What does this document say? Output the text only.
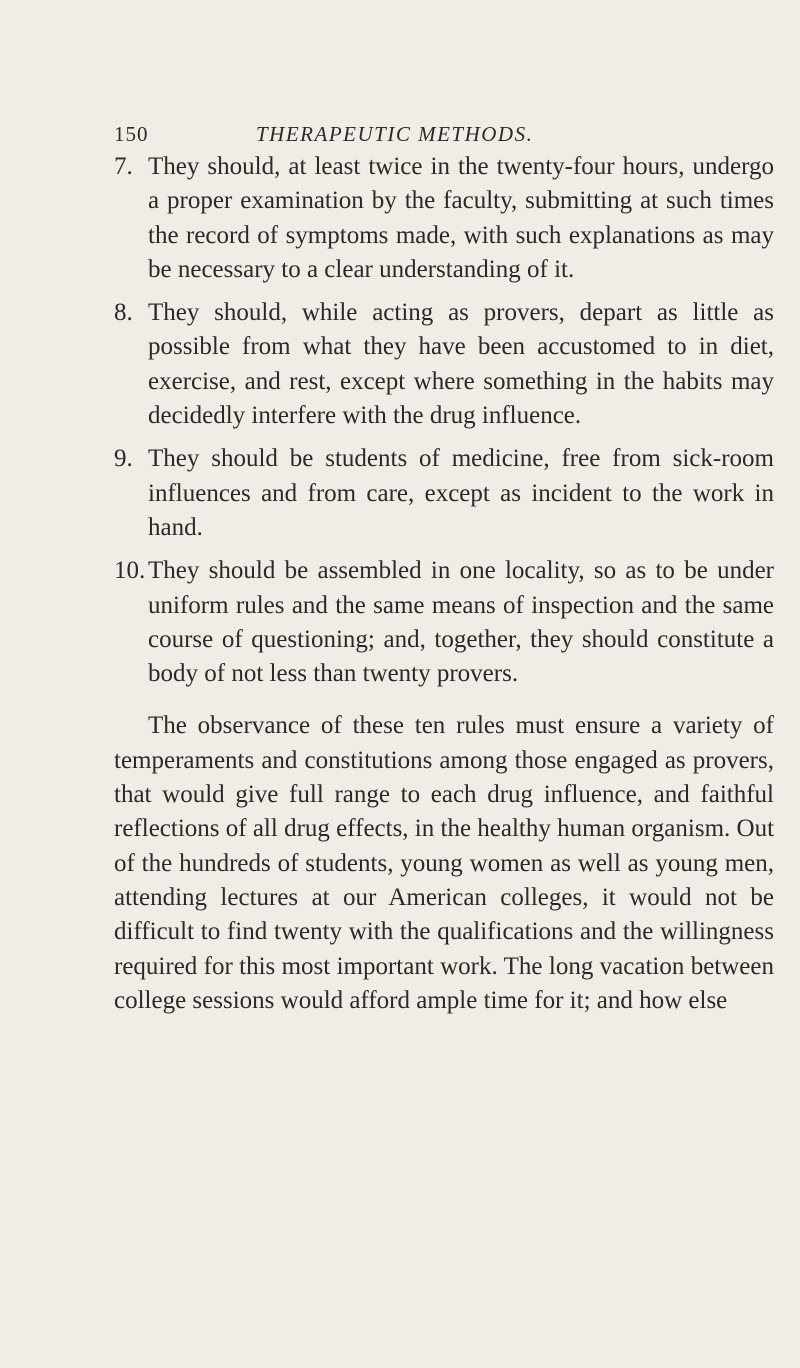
150	THERAPEUTIC METHODS.
7. They should, at least twice in the twenty-four hours, undergo a proper examination by the faculty, submitting at such times the record of symptoms made, with such explanations as may be necessary to a clear understanding of it.
8. They should, while acting as provers, depart as little as possible from what they have been accustomed to in diet, exercise, and rest, except where something in the habits may decidedly interfere with the drug influence.
9. They should be students of medicine, free from sick-room influences and from care, except as incident to the work in hand.
10. They should be assembled in one locality, so as to be under uniform rules and the same means of inspection and the same course of questioning; and, together, they should constitute a body of not less than twenty provers.

The observance of these ten rules must ensure a variety of temperaments and constitutions among those engaged as provers, that would give full range to each drug influence, and faithful reflections of all drug effects, in the healthy human organism. Out of the hundreds of students, young women as well as young men, attending lectures at our American colleges, it would not be difficult to find twenty with the qualifications and the willingness required for this most important work. The long vacation between college sessions would afford ample time for it; and how else
